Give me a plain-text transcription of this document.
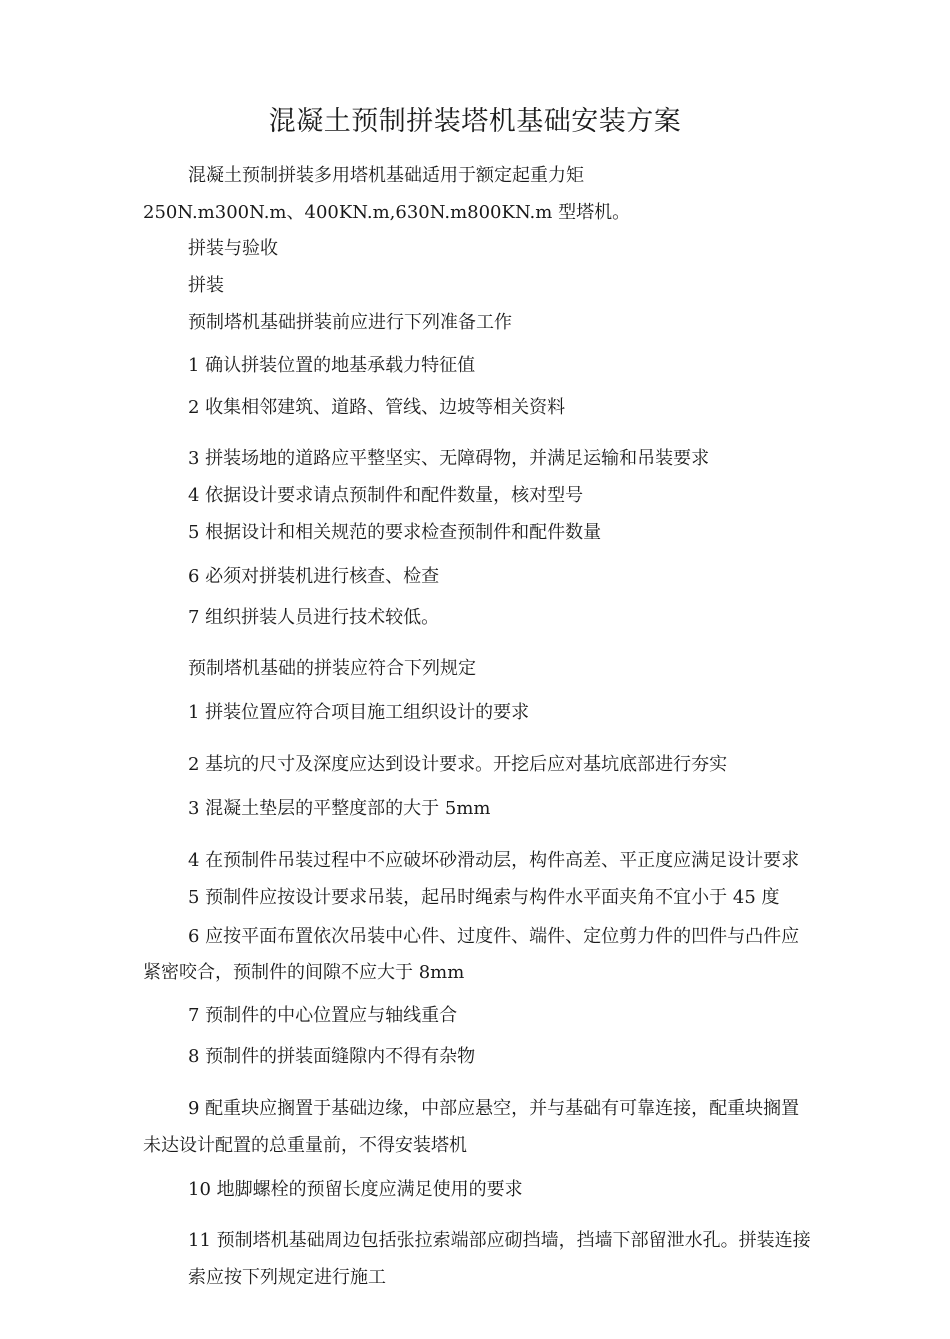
混凝土预制拼装塔机基础安装方案
混凝土预制拼装多用塔机基础适用于额定起重力矩
250N.m300N.m、400KN.m,630N.m800KN.m 型塔机。
拼装与验收
拼装
预制塔机基础拼装前应进行下列准备工作
1 确认拼装位置的地基承载力特征值
2 收集相邻建筑、道路、管线、边坡等相关资料
3 拼装场地的道路应平整坚实、无障碍物，并满足运输和吊装要求
4 依据设计要求请点预制件和配件数量，核对型号
5 根据设计和相关规范的要求检查预制件和配件数量
6 必须对拼装机进行核查、检查
7 组织拼装人员进行技术较低。
预制塔机基础的拼装应符合下列规定
1 拼装位置应符合项目施工组织设计的要求
2 基坑的尺寸及深度应达到设计要求。开挖后应对基坑底部进行夯实
3 混凝土垫层的平整度部的大于 5mm
4 在预制件吊装过程中不应破坏砂滑动层，构件高差、平正度应满足设计要求
5 预制件应按设计要求吊装，起吊时绳索与构件水平面夹角不宜小于 45 度
6 应按平面布置依次吊装中心件、过度件、端件、定位剪力件的凹件与凸件应
紧密咬合，预制件的间隙不应大于 8mm
7 预制件的中心位置应与轴线重合
8 预制件的拼装面缝隙内不得有杂物
9 配重块应搁置于基础边缘，中部应悬空，并与基础有可靠连接，配重块搁置
未达设计配置的总重量前，不得安装塔机
10 地脚螺栓的预留长度应满足使用的要求
11 预制塔机基础周边包括张拉索端部应砌挡墙，挡墙下部留泄水孔。拼装连接
索应按下列规定进行施工
